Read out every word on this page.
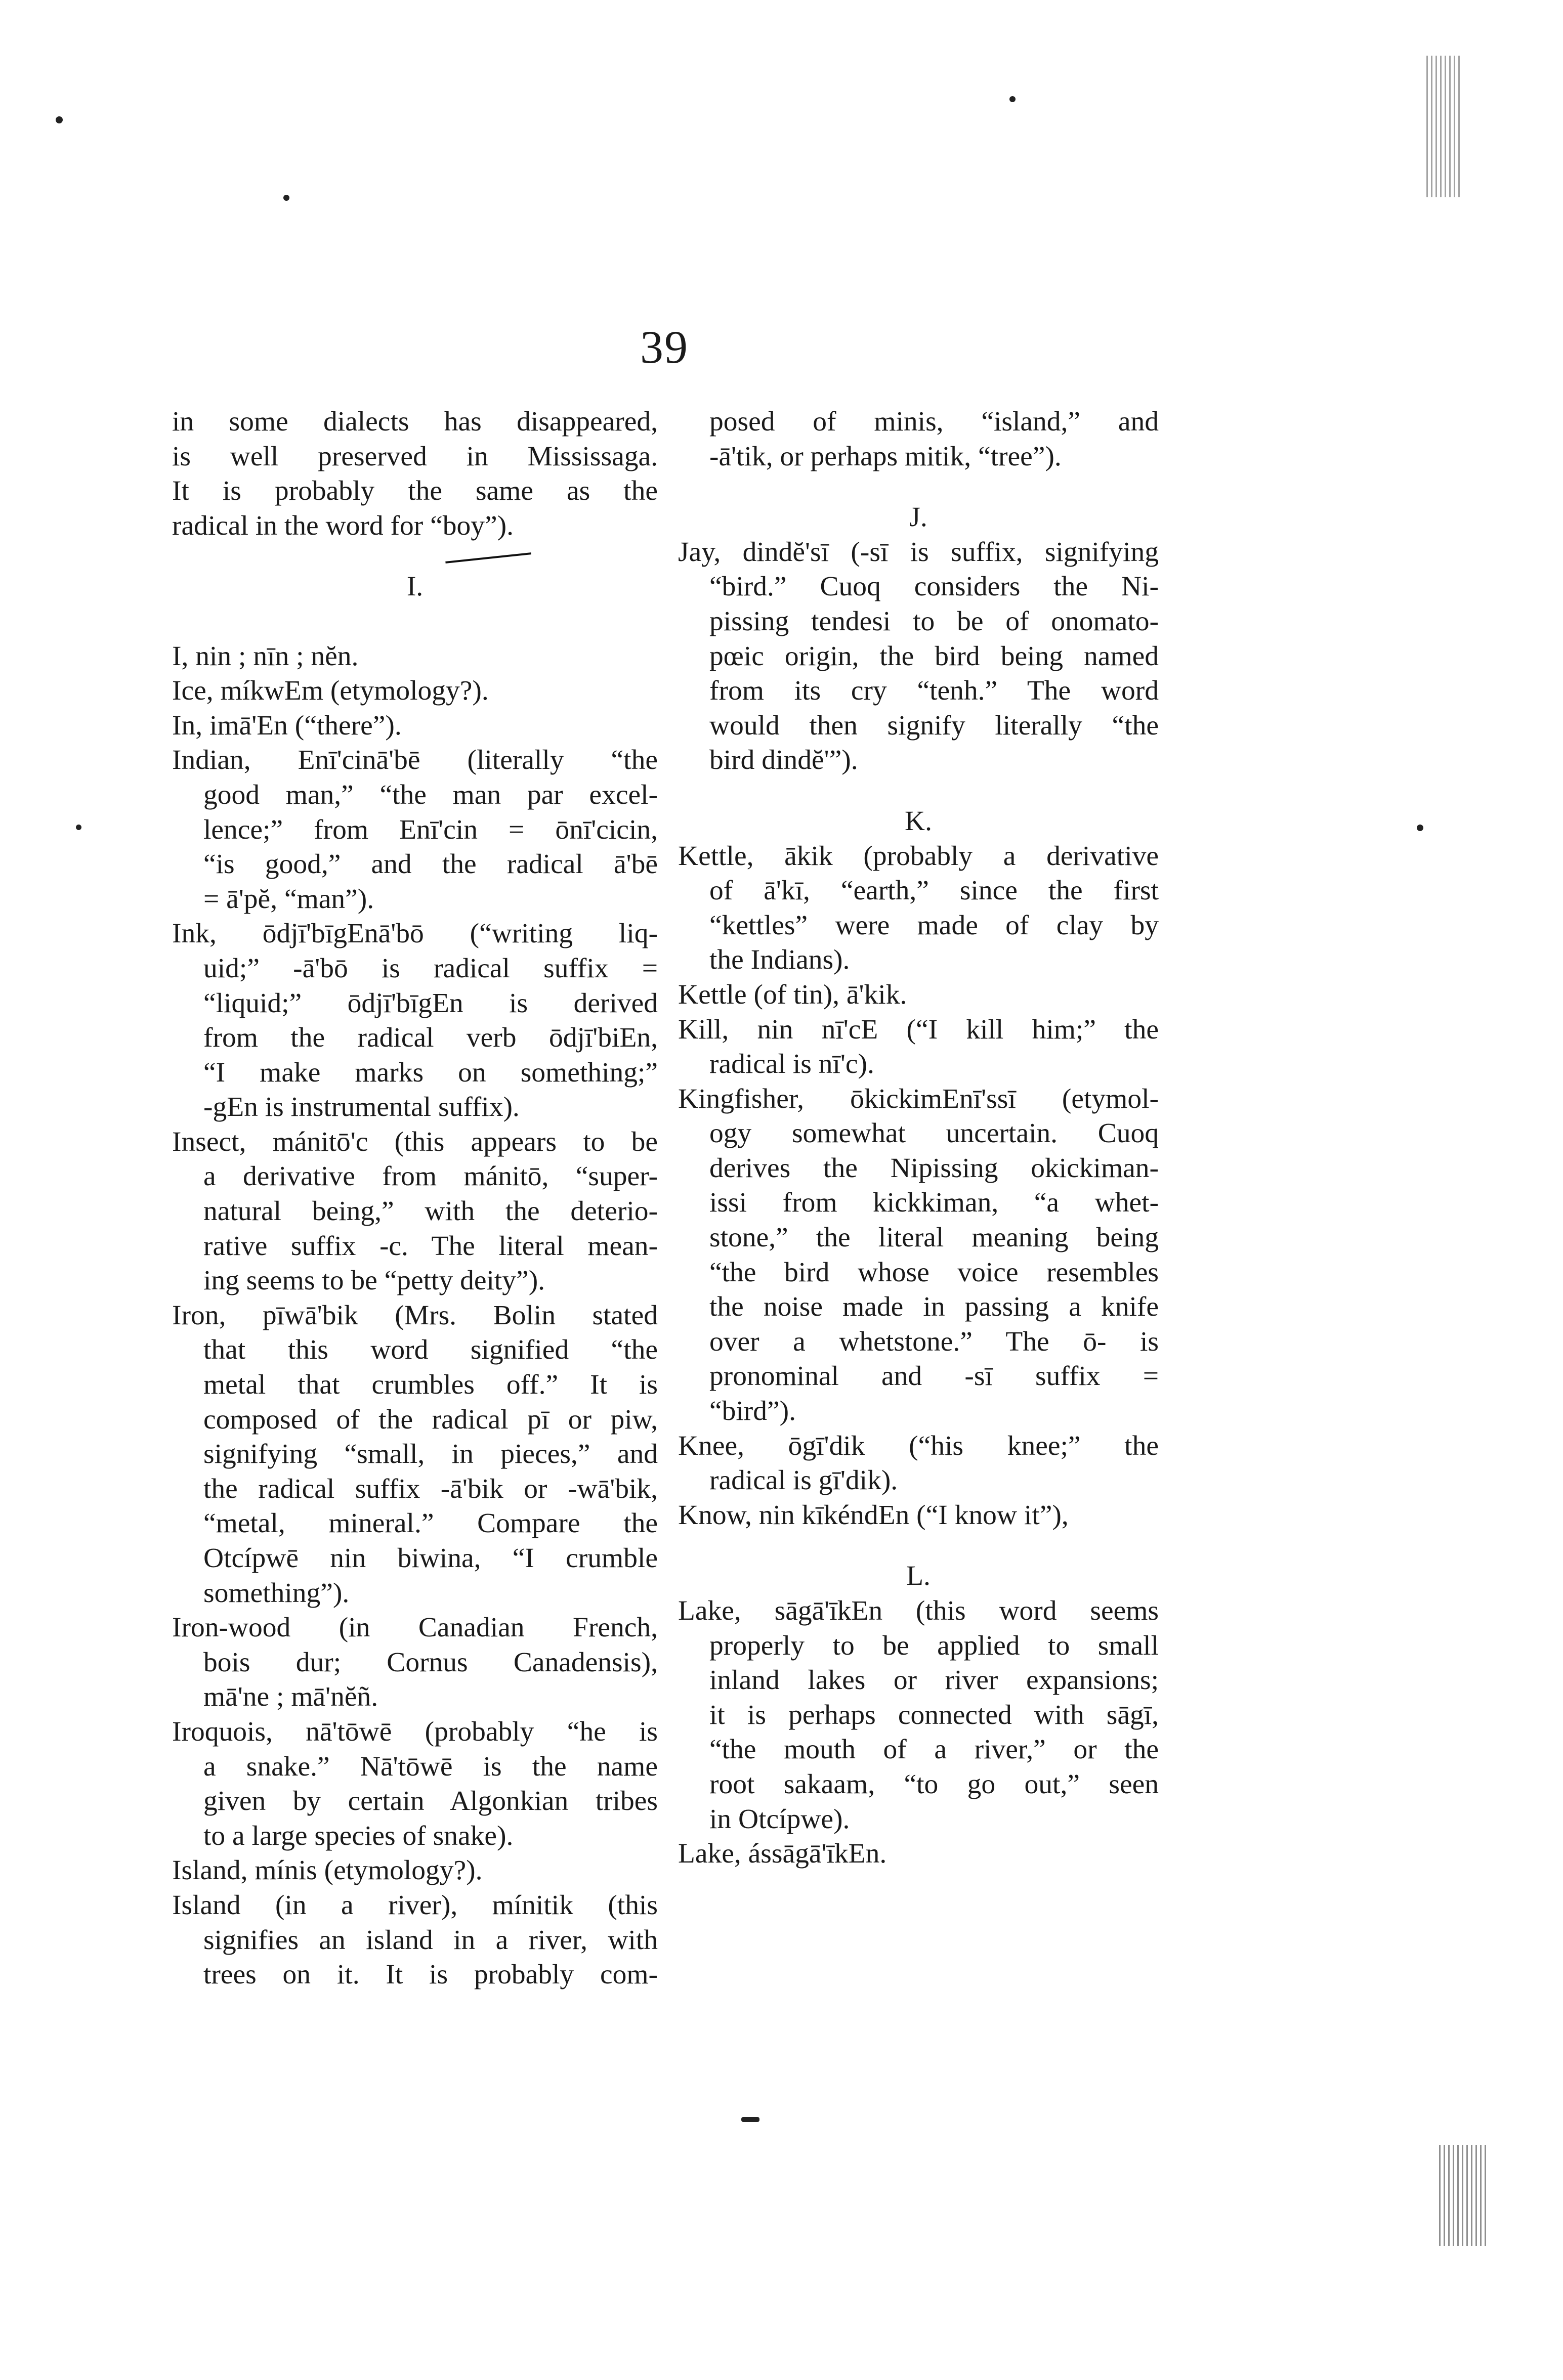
39
in some dialects has disappeared,
is well preserved in Mississaga.
It is probably the same as the
radical in the word for “boy”).
I.
I, nin ; nīn ; nĕn.
Ice, míkwEm (etymology?).
In, imā'En (“there”).
Indian, Enī'cinā'bē (literally “the
good man,” “the man par excel-
lence;” from Enī'cin = ōnī'cicin,
“is good,” and the radical ā'bē
= ā'pĕ, “man”).
Ink, ōdjī'bīgEnā'bō (“writing liq-
uid;” -ā'bō is radical suffix =
“liquid;” ōdjī'bīgEn is derived
from the radical verb ōdjī'biEn,
“I make marks on something;”
-gEn is instrumental suffix).
Insect, mánitō'c (this appears to be
a derivative from mánitō, “super-
natural being,” with the deterio-
rative suffix -c. The literal mean-
ing seems to be “petty deity”).
Iron, pīwā'bik (Mrs. Bolin stated
that this word signified “the
metal that crumbles off.” It is
composed of the radical pī or piw,
signifying “small, in pieces,” and
the radical suffix -ā'bik or -wā'bik,
“metal, mineral.” Compare the
Otcípwē nin biwina, “I crumble
something”).
Iron-wood (in Canadian French,
bois dur; Cornus Canadensis),
mā'ne ; mā'nĕñ.
Iroquois, nā'tōwē (probably “he is
a snake.” Nā'tōwē is the name
given by certain Algonkian tribes
to a large species of snake).
Island, mínis (etymology?).
Island (in a river), mínitik (this
signifies an island in a river, with
trees on it. It is probably com-
posed of minis, “island,” and
-ā'tik, or perhaps mitik, “tree”).
J.
Jay, dindĕ'sī (-sī is suffix, signifying
“bird.” Cuoq considers the Ni-
pissing tendesi to be of onomato-
pœic origin, the bird being named
from its cry “tenh.” The word
would then signify literally “the
bird dindĕ'”).
K.
Kettle, ākik (probably a derivative
of ā'kī, “earth,” since the first
“kettles” were made of clay by
the Indians).
Kettle (of tin), ā'kik.
Kill, nin nī'cE (“I kill him;” the
radical is nī'c).
Kingfisher, ōkickimEnī'ssī (etymol-
ogy somewhat uncertain. Cuoq
derives the Nipissing okickiman-
issi from kickkiman, “a whet-
stone,” the literal meaning being
“the bird whose voice resembles
the noise made in passing a knife
over a whetstone.” The ō- is
pronominal and -sī suffix =
“bird”).
Knee, ōgī'dik (“his knee;” the
radical is gī'dik).
Know, nin kīkéndEn (“I know it”),
L.
Lake, sāgā'īkEn (this word seems
properly to be applied to small
inland lakes or river expansions;
it is perhaps connected with sāgī,
“the mouth of a river,” or the
root sakaam, “to go out,” seen
in Otcípwe).
Lake, ássāgā'īkEn.
